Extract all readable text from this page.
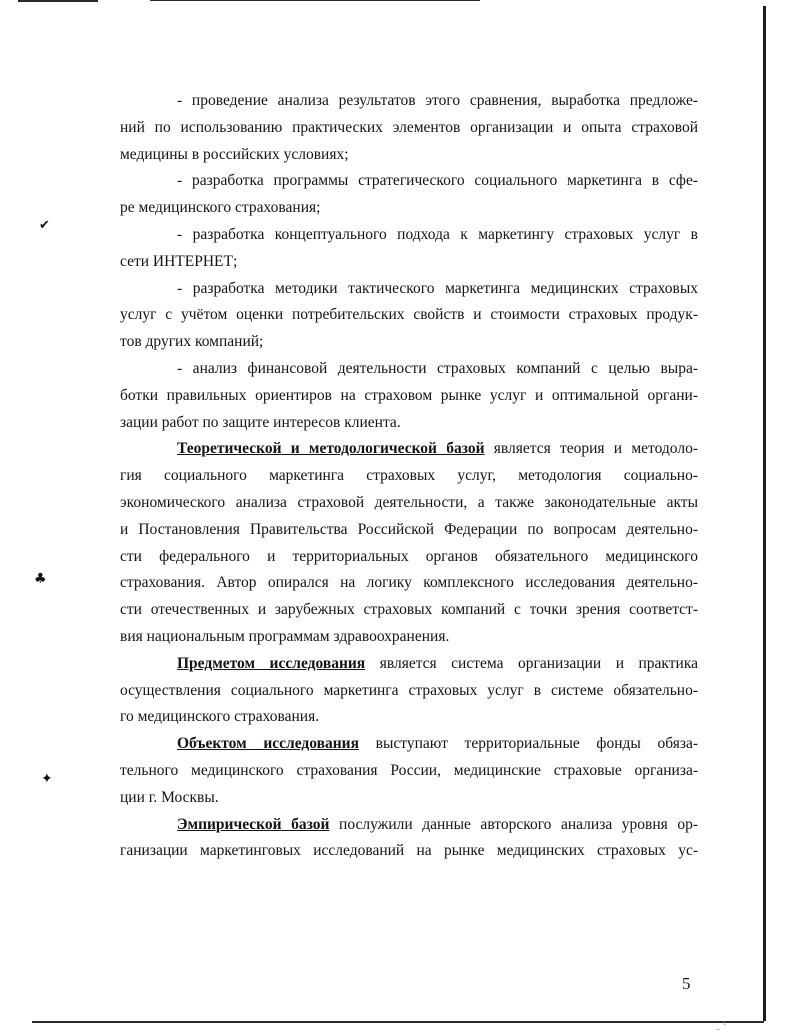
✔
♣
✦
ˍ ᵗ
- проведение анализа результатов этого сравнения, выработка предложе-
ний по использованию практических элементов организации и опыта страховой
медицины в российских условиях;
- разработка программы стратегического социального маркетинга в сфе-
ре медицинского страхования;
- разработка концептуального подхода к маркетингу страховых услуг в
сети ИНТЕРНЕТ;
- разработка методики тактического маркетинга медицинских страховых
услуг с учётом оценки потребительских свойств и стоимости страховых продук-
тов других компаний;
- анализ финансовой деятельности страховых компаний с целью выра-
ботки правильных ориентиров на страховом рынке услуг и оптимальной органи-
зации работ по защите интересов клиента.
Теоретической и методологической базой является теория и методоло-
гия социального маркетинга страховых услуг, методология социально-
экономического анализа страховой деятельности, а также законодательные акты
и Постановления Правительства Российской Федерации по вопросам деятельно-
сти федерального и территориальных органов обязательного медицинского
страхования. Автор опирался на логику комплексного исследования деятельно-
сти отечественных и зарубежных страховых компаний с точки зрения соответст-
вия национальным программам здравоохранения.
Предметом исследования является система организации и практика
осуществления социального маркетинга страховых услуг в системе обязательно-
го медицинского страхования.
Объектом исследования выступают территориальные фонды обяза-
тельного медицинского страхования России, медицинские страховые организа-
ции г. Москвы.
Эмпирической базой послужили данные авторского анализа уровня ор-
ганизации маркетинговых исследований на рынке медицинских страховых ус-
5
